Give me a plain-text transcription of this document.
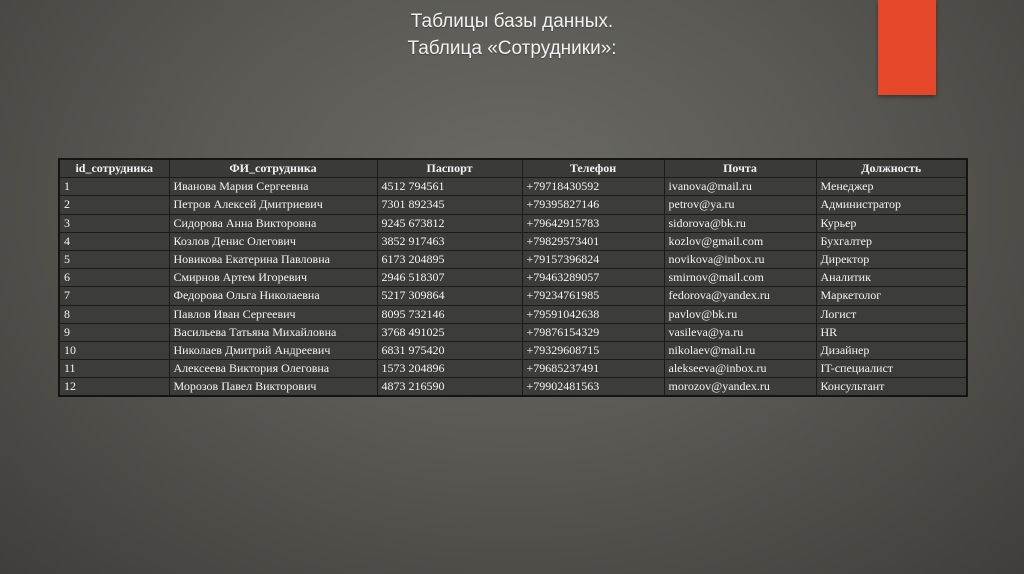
Таблицы базы данных.
Таблица «Сотрудники»:
id_сотрудника	ФИ_сотрудника	Паспорт	Телефон	Почта	Должность
1	Иванова Мария Сергеевна	4512 794561	+79718430592	ivanova@mail.ru	Менеджер
2	Петров Алексей Дмитриевич	7301 892345	+79395827146	petrov@ya.ru	Администратор
3	Сидорова Анна Викторовна	9245 673812	+79642915783	sidorova@bk.ru	Курьер
4	Козлов Денис Олегович	3852 917463	+79829573401	kozlov@gmail.com	Бухгалтер
5	Новикова Екатерина Павловна	6173 204895	+79157396824	novikova@inbox.ru	Директор
6	Смирнов Артем Игоревич	2946 518307	+79463289057	smirnov@mail.com	Аналитик
7	Федорова Ольга Николаевна	5217 309864	+79234761985	fedorova@yandex.ru	Маркетолог
8	Павлов Иван Сергеевич	8095 732146	+79591042638	pavlov@bk.ru	Логист
9	Васильева Татьяна Михайловна	3768 491025	+79876154329	vasileva@ya.ru	HR
10	Николаев Дмитрий Андреевич	6831 975420	+79329608715	nikolaev@mail.ru	Дизайнер
11	Алексеева Виктория Олеговна	1573 204896	+79685237491	alekseeva@inbox.ru	IT-специалист
12	Морозов Павел Викторович	4873 216590	+79902481563	morozov@yandex.ru	Консультант
